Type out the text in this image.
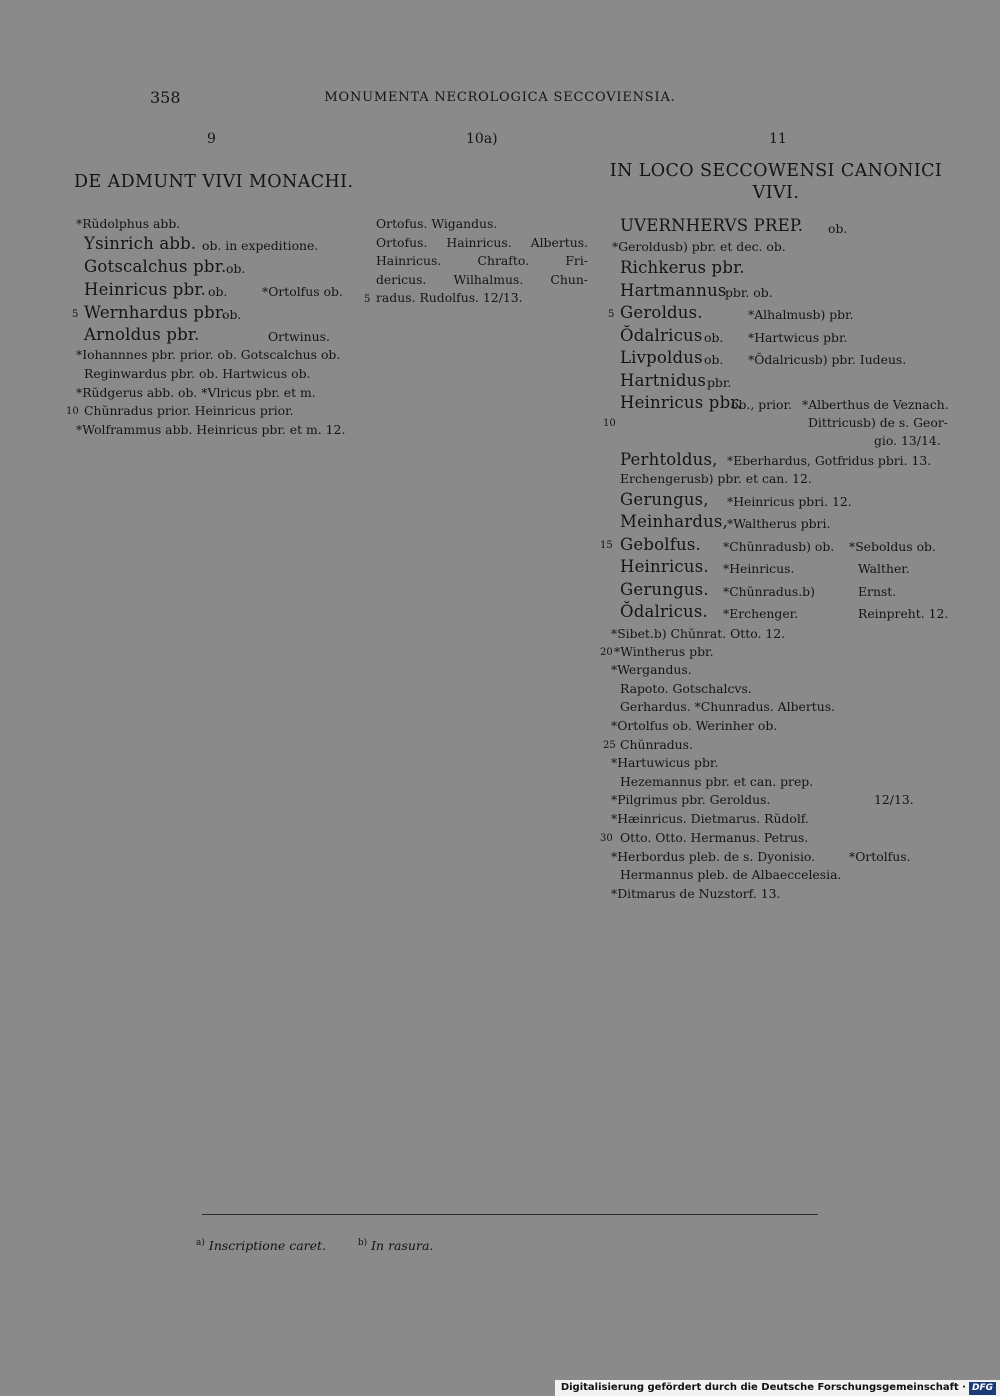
358	MONUMENTA NECROLOGICA SECCOVIENSIA.
9	10a)	11
DE ADMUNT VIVI MONACHI.
IN LOCO SECCOWENSI CANONICI VIVI.
*Rŭdolphus abb.
Ysinrich abb. ob. in expeditione.
Gotscalchus pbr. ob.
Heinricus pbr. ob.	*Ortolfus ob.
5 Wernhardus pbr.
ob.
Arnoldus pbr.	Ortwinus.
*Iohannnes pbr. prior. ob. Gotscalchus ob.
Reginwardus pbr. ob. Hartwicus ob.
*Rŭdgerus abb. ob. *Vlricus pbr. et m.
10 Chŭnradus prior. Heinricus prior.
*Wolframmus abb. Heinricus pbr. et m. 12.
Ortofus. Wigandus.
Ortofus. Hainricus. Albertus.
Hainricus. Chrafto. Fri-
dericus. Wilhalmus. Chun-
radus. Rudolfus. 12/13.
5
UVERNHERVS PREP. ob.
*Geroldusb) pbr. et dec. ob.
Richkerus pbr.
Hartmannus
pbr. ob.
5 Geroldus.	*Alhalmusb) pbr.
Ŏdalricus ob. *Hartwicus pbr.
Livpoldus ob. *Ŏdalricusb) pbr. Iudeus.
Hartnidus pbr.
Heinricus pbr.
ob., prior. *Alberthus de Veznach.
10	Dittricusb) de s. Geor-
gio. 13/14.
Perhtoldus, *Eberhardus, Gotfridus pbri. 13.
Erchengerusb) pbr. et can. 12.
Gerungus, *Heinricus pbri. 12.
Meinhardus,
*Waltherus pbri.
15 Gebolfus. *Chŭnradusb) ob. *Seboldus ob.
Heinricus. *Heinricus.	Walther.
Gerungus. *Chŭnradus.b)	Ernst.
Ŏdalricus. *Erchenger.	Reinpreht. 12.
*Sibet.b) Chŭnrat. Otto. 12.
20 *Wintherus pbr.
*Wergandus.
Rapoto. Gotschalcvs.
Gerhardus. *Chunradus. Albertus.
*Ortolfus ob. Werinher ob.
25 Chŭnradus.
*Hartuwicus pbr.
Hezemannus pbr. et can. prep.
*Pilgrimus pbr. Geroldus.	12/13.
*Hæinricus. Dietmarus. Rŭdolf.
30 Otto. Otto. Hermanus. Petrus.
*Herbordus pleb. de s. Dyonisio.	*Ortolfus.
Hermannus pleb. de Albaeccelesia.
*Ditmarus de Nuzstorf. 13.
$^{a)}$ Inscriptione caret.	$^{b)}$ In rasura.
Digitalisierung gefördert durch die Deutsche Forschungsgemeinschaft · DFG
